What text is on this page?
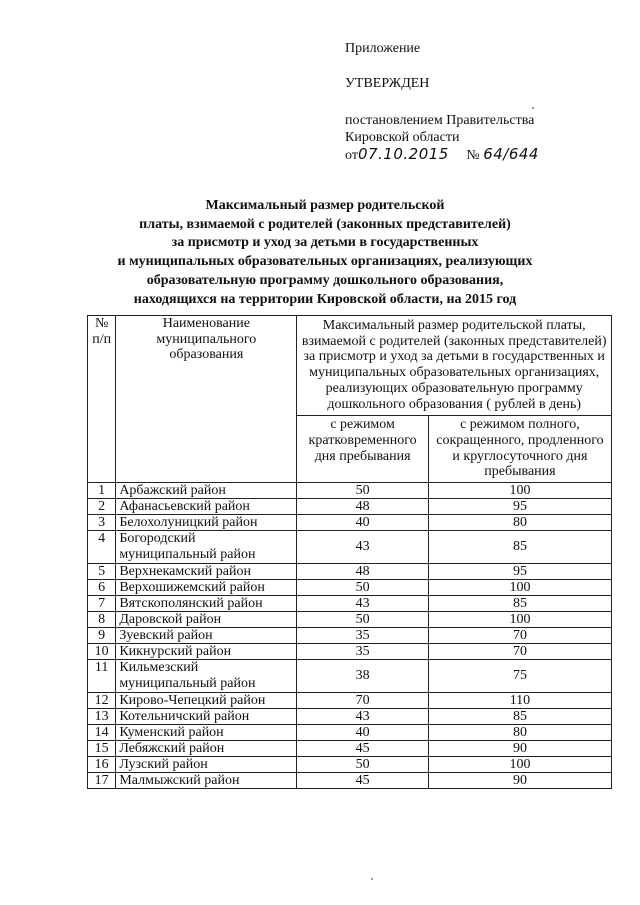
Приложение
УТВЕРЖДЕН
постановлением Правительства
Кировской области
от07.10.2015 № 64/644
Максимальный размер родительской
платы, взимаемой с родителей (законных представителей)
за присмотр и уход за детьми в государственных
и муниципальных образовательных организациях, реализующих
образовательную программу дошкольного образования,
находящихся на территории Кировской области, на 2015 год
№
п/п	Наименование муниципального образования	Максимальный размер родительской платы, взимаемой с родителей (законных представителей) за присмотр и уход за детьми в государственных и муниципальных образовательных организациях, реализующих образовательную программу дошкольного образования ( рублей в день)	
		с режимом кратковременного дня пребывания	с режимом полного, сокращенного, продленного и круглосуточного дня пребывания
1	Арбажский район	50	100
2	Афанасьевский район	48	95
3	Белохолуницкий район	40	80
4	Богородский муниципальный район	43	85
5	Верхнекамский район	48	95
6	Верхошижемский район	50	100
7	Вятскополянский район	43	85
8	Даровской район	50	100
9	Зуевский район	35	70
10	Кикнурский район	35	70
11	Кильмезский муниципальный район	38	75
12	Кирово-Чепецкий район	70	110
13	Котельничский район	43	85
14	Куменский район	40	80
15	Лебяжский район	45	90
16	Лузский район	50	100
17	Малмыжский район	45	90
